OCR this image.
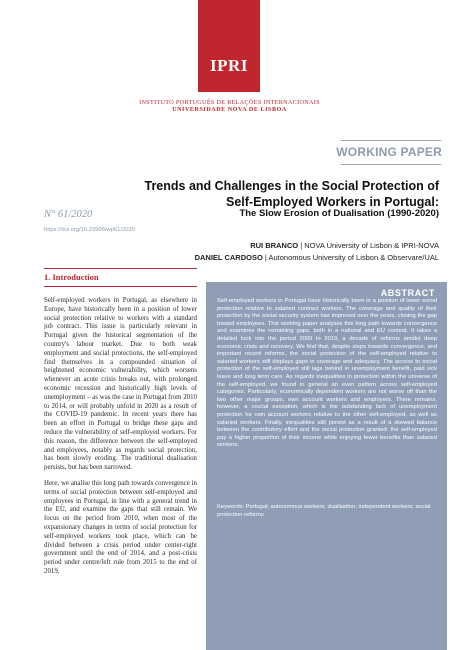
IPRI
INSTITUTO PORTUGUÊS DE RELAÇÕES INTERNACIONAIS
UNIVERSIDADE NOVA DE LISBOA
WORKING PAPER
Trends and Challenges in the Social Protection of
Self-Employed Workers in Portugal:
The Slow Erosion of Dualisation (1990-2020)
N° 61/2020
https://doi.org/10.23906/wp61/2020
RUI BRANCO | NOVA University of Lisbon & IPRI-NOVA
DANIEL CARDOSO | Autonomous University of Lisbon & Observare/UAL
1. Introduction

Self-employed workers in Portugal, as elsewhere in Europe, have historically been in a position of lower social protection relative to workers with a standard job contract. This issue is particularly relevant in Portugal given the historical segmentation of the country's labour market. Due to both weak employment and social protections, the self-employed find themselves in a compounded situation of heightened economic vulnerability, which worsens whenever an acute crisis breaks out, with prolonged economic recession and historically high levels of unemployment – as was the case in Portugal from 2010 to 2014, or will probably unfold in 2020 as a result of the COVID-19 pandemic. In recent years there has been an effort in Portugal to bridge these gaps and reduce the vulnerability of self-employed workers. For this reason, the difference between the self-employed and employees, notably as regards social protection, has been slowly eroding. The traditional dualisation persists, but has been narrowed.

Here, we analise this long path towards convergence in terms of social protection between self-employed and employees in Portugal, in line with a general trend in the EU, and examine the gaps that still remain. We focus on the period from 2010, when most of the expansionary changes in terms of social protection for self-employed workers took place, which can be divided between a crisis period under center-right government until the end of 2014, and a post-crisis period under centre/left rule from 2015 to the end of 2019.

ABSTRACT
Self-employed workers in Portugal have historically been in a position of lower social protection relative to salaried contract workers. The coverage and quality of their protection by the social security system has improved over the years, closing the gap toward employees. This working paper analyses this long path towards convergence and examines the remaining gaps, both in a national and EU context. It takes a detailed look into the period 2009 to 2019, a decade of reforms amidst deep economic crisis and recovery. We find that, despite steps towards convergence, and important recent reforms, the social protection of the self-employed relative to salaried workers still displays gaps in coverage and adequacy. The access to social protection of the self-employed still lags behind in unemployment benefit, paid sick leave and long term care. As regards inequalities in protection within the universe of the self-employed, we found in general an even pattern across self-employed categories. Particularly, economically dependent workers are not worse off than the two other major groups, own account workers and employers. There remains, however, a crucial exception, which is the outstanding lack of unemployment protection for own account workers relative to the other self-employed, as well as salaried workers. Finally, inequalities still persist as a result of a skewed balance between the contributory effort and the social protection granted: the self-employed pay a higher proportion of their income while enjoying fewer benefits than salaried workers.
Keywords: Portugal; autonomous workers; dualisation; independent workers; social protection reforms
